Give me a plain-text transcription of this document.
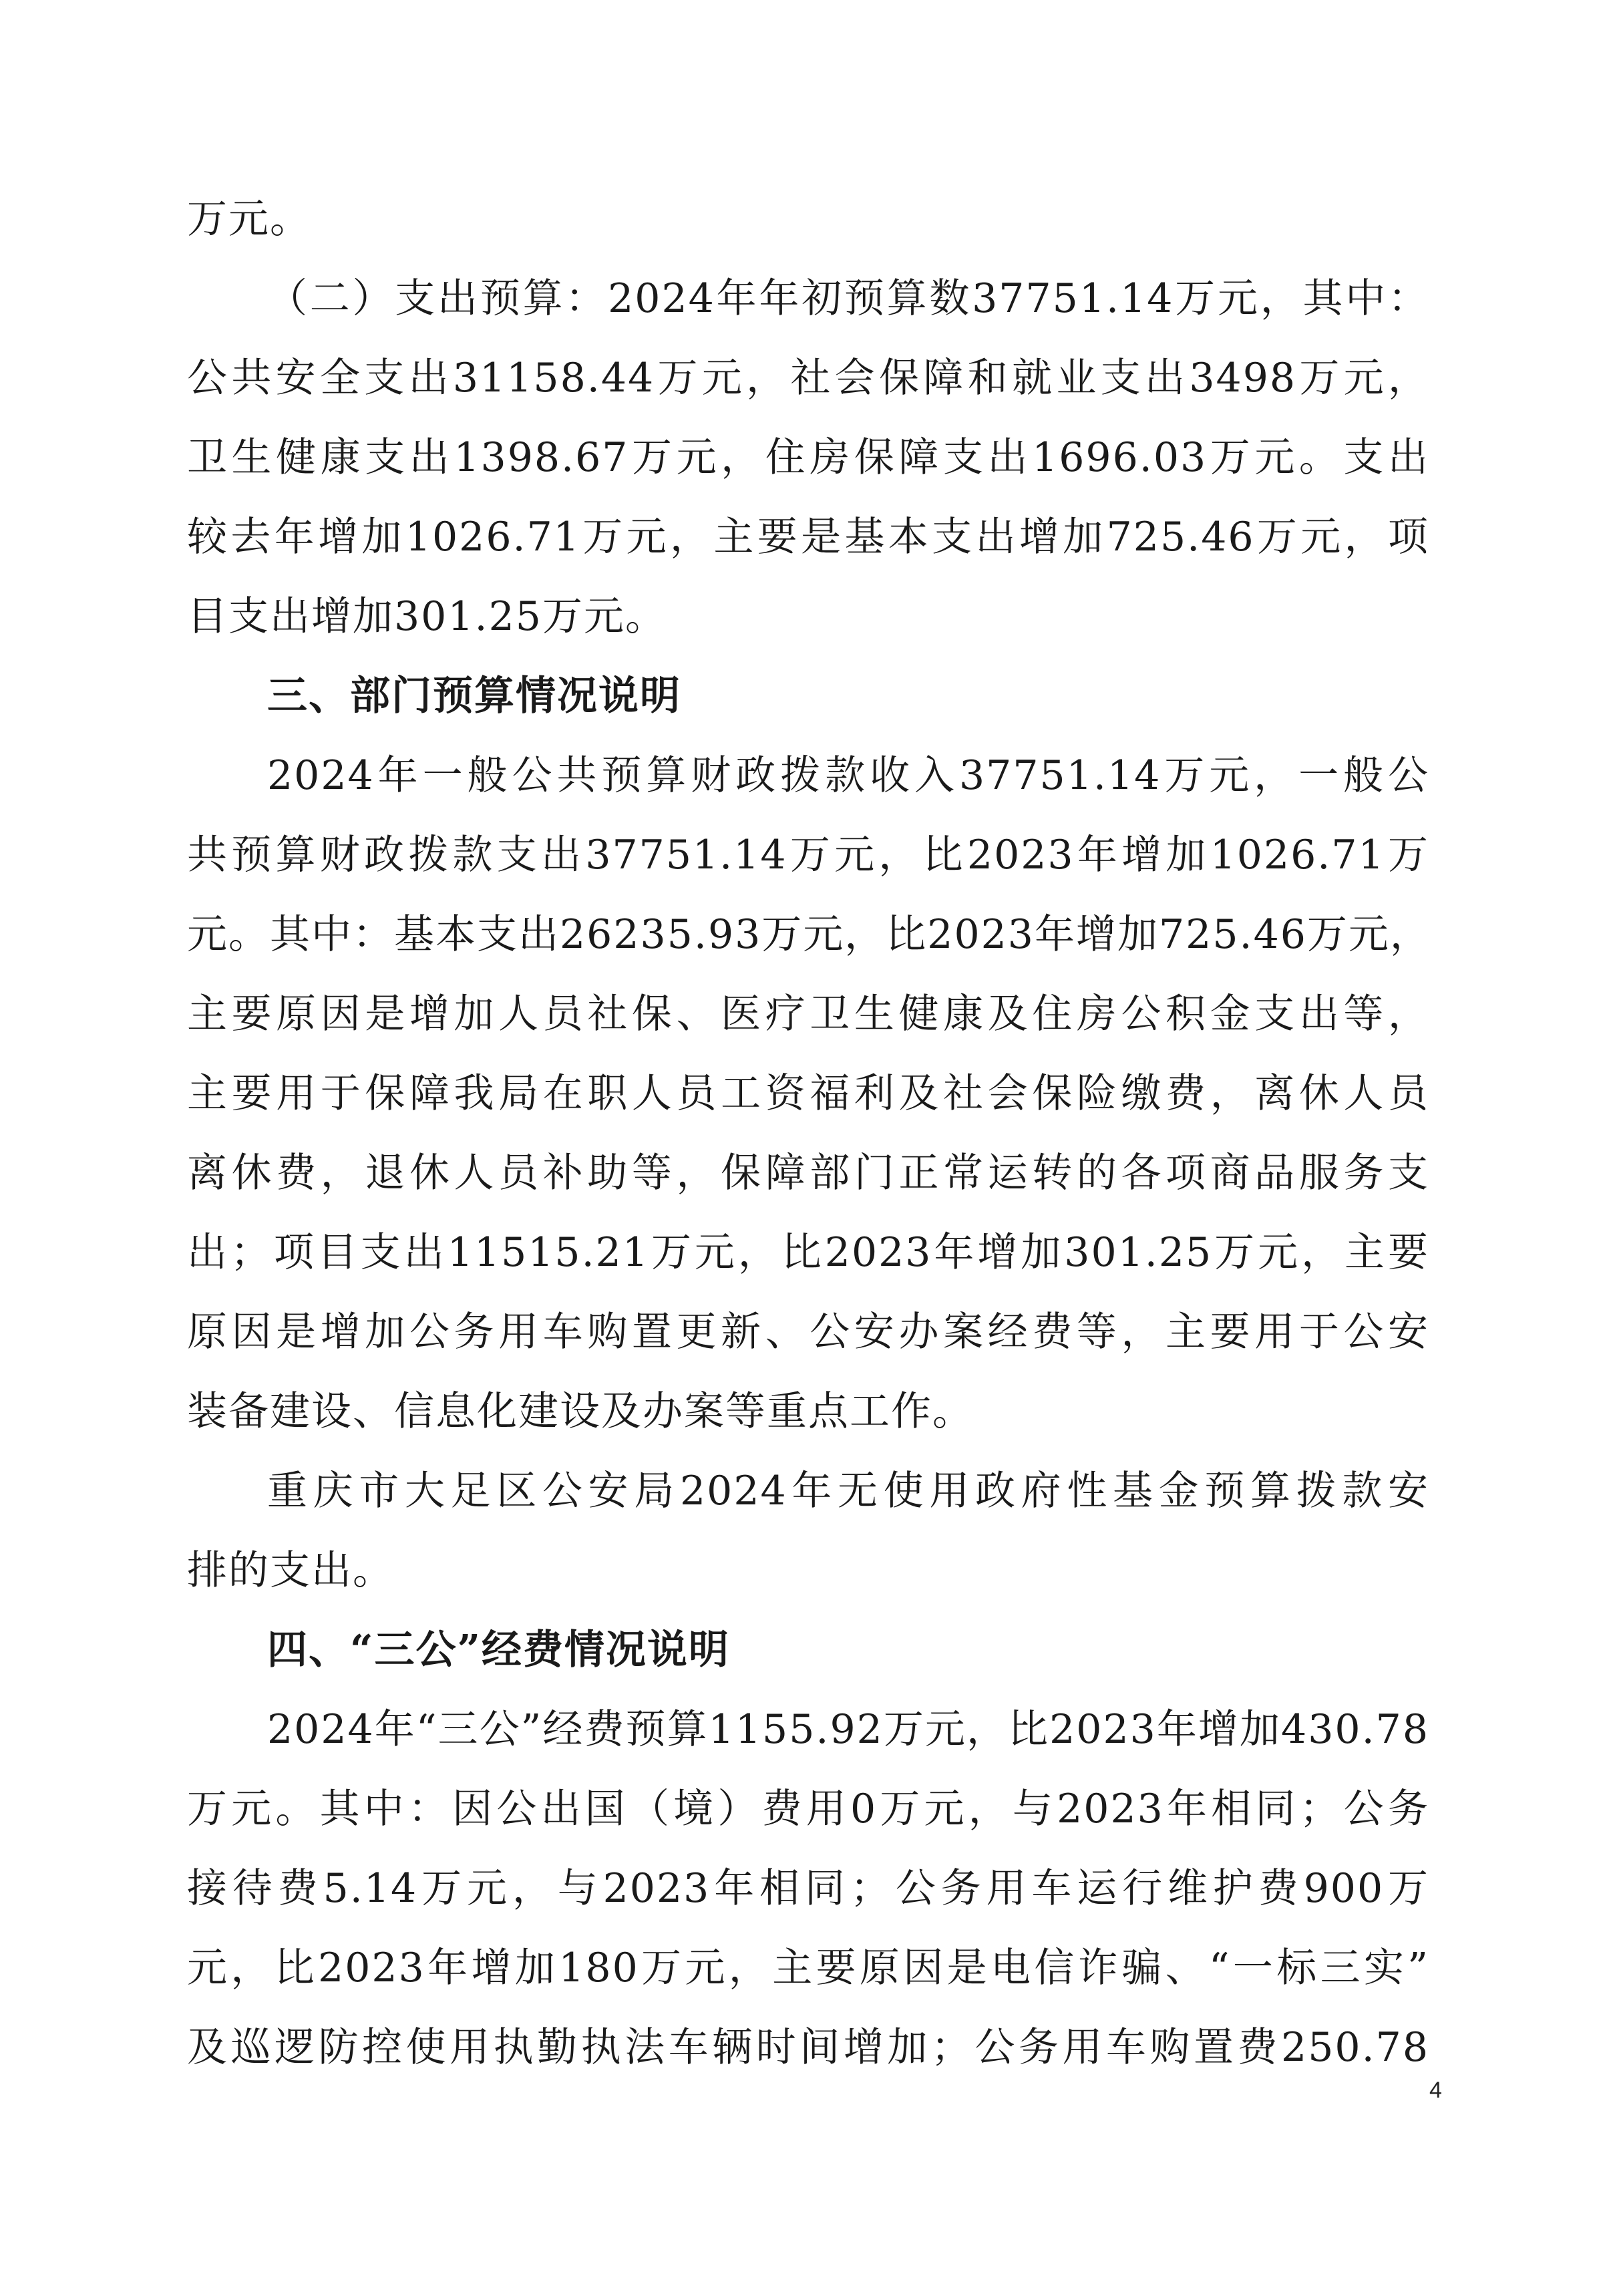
万元。
（二）支出预算：2024年年初预算数37751.14万元，其中：
公共安全支出31158.44万元，社会保障和就业支出3498万元，
卫生健康支出1398.67万元，住房保障支出1696.03万元。支出
较去年增加1026.71万元，主要是基本支出增加725.46万元，项
目支出增加301.25万元。
三、部门预算情况说明
2024年一般公共预算财政拨款收入37751.14万元，一般公
共预算财政拨款支出37751.14万元，比2023年增加1026.71万
元。其中：基本支出26235.93万元，比2023年增加725.46万元，
主要原因是增加人员社保、医疗卫生健康及住房公积金支出等，
主要用于保障我局在职人员工资福利及社会保险缴费，离休人员
离休费，退休人员补助等，保障部门正常运转的各项商品服务支
出；项目支出11515.21万元，比2023年增加301.25万元，主要
原因是增加公务用车购置更新、公安办案经费等，主要用于公安
装备建设、信息化建设及办案等重点工作。
重庆市大足区公安局2024年无使用政府性基金预算拨款安
排的支出。
四、“三公”经费情况说明
2024年“三公”经费预算1155.92万元，比2023年增加430.78
万元。其中：因公出国（境）费用0万元，与2023年相同；公务
接待费5.14万元，与2023年相同；公务用车运行维护费900万
元，比2023年增加180万元，主要原因是电信诈骗、“一标三实”
及巡逻防控使用执勤执法车辆时间增加；公务用车购置费250.78
4
